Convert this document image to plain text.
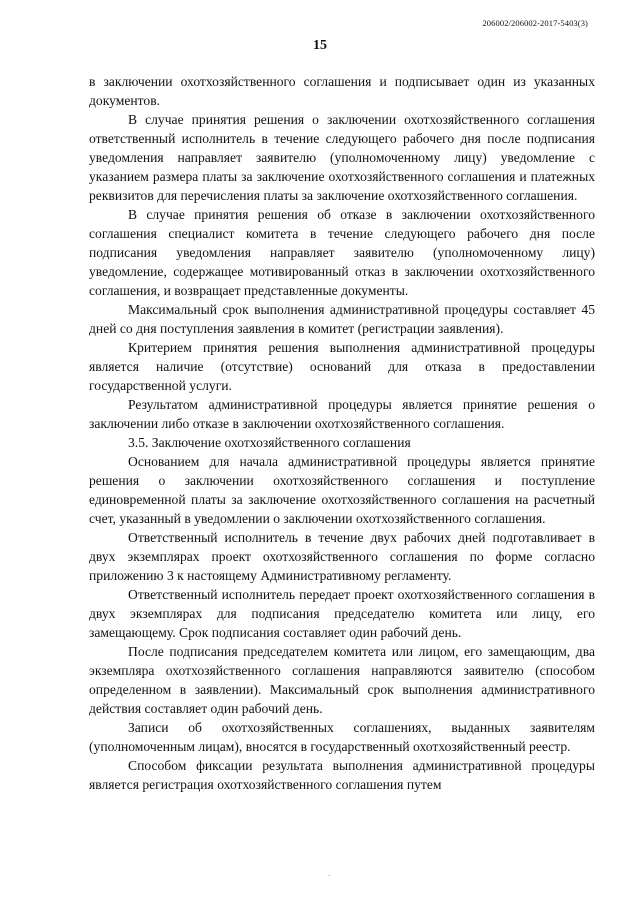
206002/206002-2017-5403(3)
15

в заключении охотхозяйственного соглашения и подписывает один из указанных документов.

В случае принятия решения о заключении охотхозяйственного соглашения ответственный исполнитель в течение следующего рабочего дня после подписания уведомления направляет заявителю (уполномоченному лицу) уведомление с указанием размера платы за заключение охотхозяйственного соглашения и платежных реквизитов для перечисления платы за заключение охотхозяйственного соглашения.

В случае принятия решения об отказе в заключении охотхозяйственного соглашения специалист комитета в течение следующего рабочего дня после подписания уведомления направляет заявителю (уполномоченному лицу) уведомление, содержащее мотивированный отказ в заключении охотхозяйственного соглашения, и возвращает представленные документы.

Максимальный срок выполнения административной процедуры составляет 45 дней со дня поступления заявления в комитет (регистрации заявления).

Критерием принятия решения выполнения административной процедуры является наличие (отсутствие) оснований для отказа в предоставлении государственной услуги.

Результатом административной процедуры является принятие решения о заключении либо отказе в заключении охотхозяйственного соглашения.

3.5. Заключение охотхозяйственного соглашения

Основанием для начала административной процедуры является принятие решения о заключении охотхозяйственного соглашения и поступление единовременной платы за заключение охотхозяйственного соглашения на расчетный счет, указанный в уведомлении о заключении охотхозяйственного соглашения.

Ответственный исполнитель в течение двух рабочих дней подготавливает в двух экземплярах проект охотхозяйственного соглашения по форме согласно приложению 3 к настоящему Административному регламенту.

Ответственный исполнитель передает проект охотхозяйственного соглашения в двух экземплярах для подписания председателю комитета или лицу, его замещающему. Срок подписания составляет один рабочий день.

После подписания председателем комитета или лицом, его замещающим, два экземпляра охотхозяйственного соглашения направляются заявителю (способом определенном в заявлении). Максимальный срок выполнения административного действия составляет один рабочий день.

Записи об охотхозяйственных соглашениях, выданных заявителям (уполномоченным лицам), вносятся в государственный охотхозяйственный реестр.

Способом фиксации результата выполнения административной процедуры является регистрация охотхозяйственного соглашения путем

.
